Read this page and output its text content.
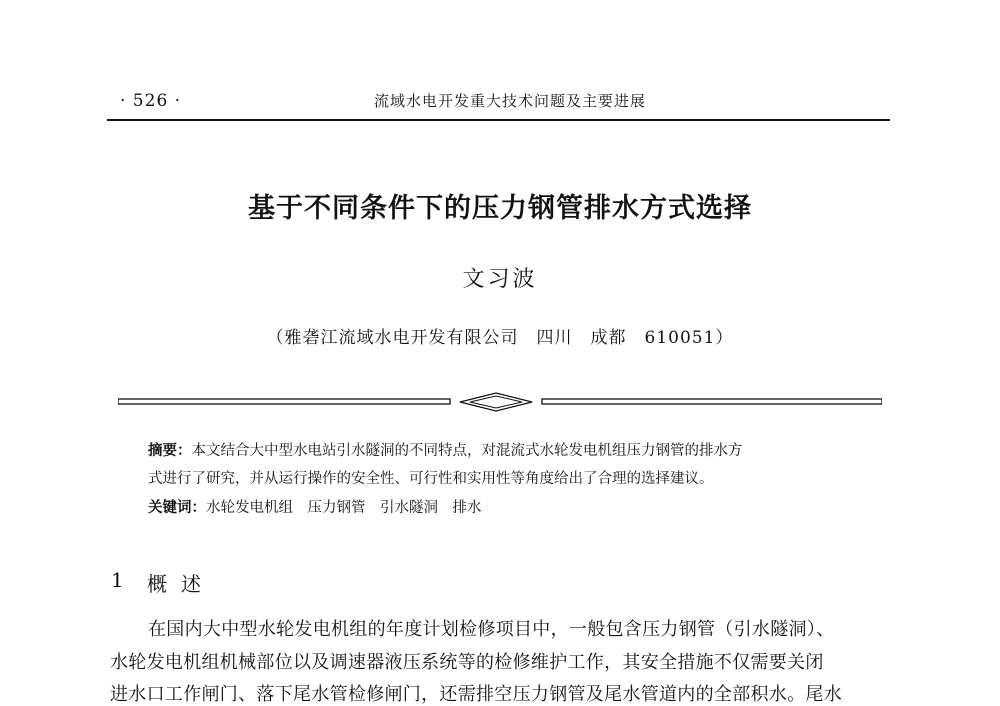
· 526 ·	流域水电开发重大技术问题及主要进展
基于不同条件下的压力钢管排水方式选择
文习波
（雅砻江流域水电开发有限公司　四川　成都　610051）
摘要：本文结合大中型水电站引水隧洞的不同特点，对混流式水轮发电机组压力钢管的排水方
式进行了研究，并从运行操作的安全性、可行性和实用性等角度给出了合理的选择建议。
关键词：水轮发电机组　压力钢管　引水隧洞　排水
1 概述
在国内大中型水轮发电机组的年度计划检修项目中，一般包含压力钢管（引水隧洞）、
水轮发电机组机械部位以及调速器液压系统等的检修维护工作，其安全措施不仅需要关闭
进水口工作闸门、落下尾水管检修闸门，还需排空压力钢管及尾水管道内的全部积水。尾水
